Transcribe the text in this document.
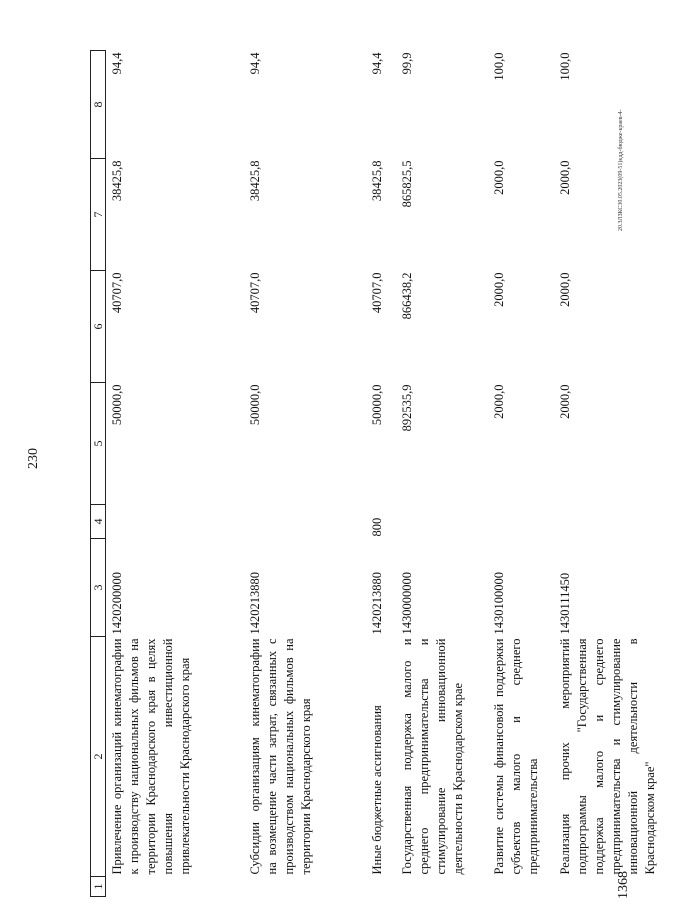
230
1	2	3	4	5	6	7	8
	Привлечение организаций кинематографии к производству национальных фильмов на территории Краснодарского края в целях повышения инвестиционной привлекательности Краснодарского края	1420200000		50000,0	40707,0	38425,8	94,4
	Субсидии организациям кинематографии на возмещение части затрат, связанных с производством национальных фильмов на территории Краснодарского края	1420213880		50000,0	40707,0	38425,8	94,4
	Иные бюджетные ассигнования	1420213880	800	50000,0	40707,0	38425,8	94,4
	Государственная поддержка малого и среднего предпринимательства и стимулирование инновационной деятельности в Краснодарском крае	1430000000		892535,9	866438,2	865825,5	99,9
	Развитие системы финансовой поддержки субъектов малого и среднего предпринимательства	1430100000		2000,0	2000,0	2000,0	100,0
	Реализация прочих мероприятий подпрограммы "Государственная поддержка малого и среднего предпринимательства и стимулирование инновационной деятельности в Краснодарском крае"	1430111450		2000,0	2000,0	2000,0	100,0
1368
20.3ЛЗКС30.05.2023(09-51)кдд-бюдже-краев-4-
